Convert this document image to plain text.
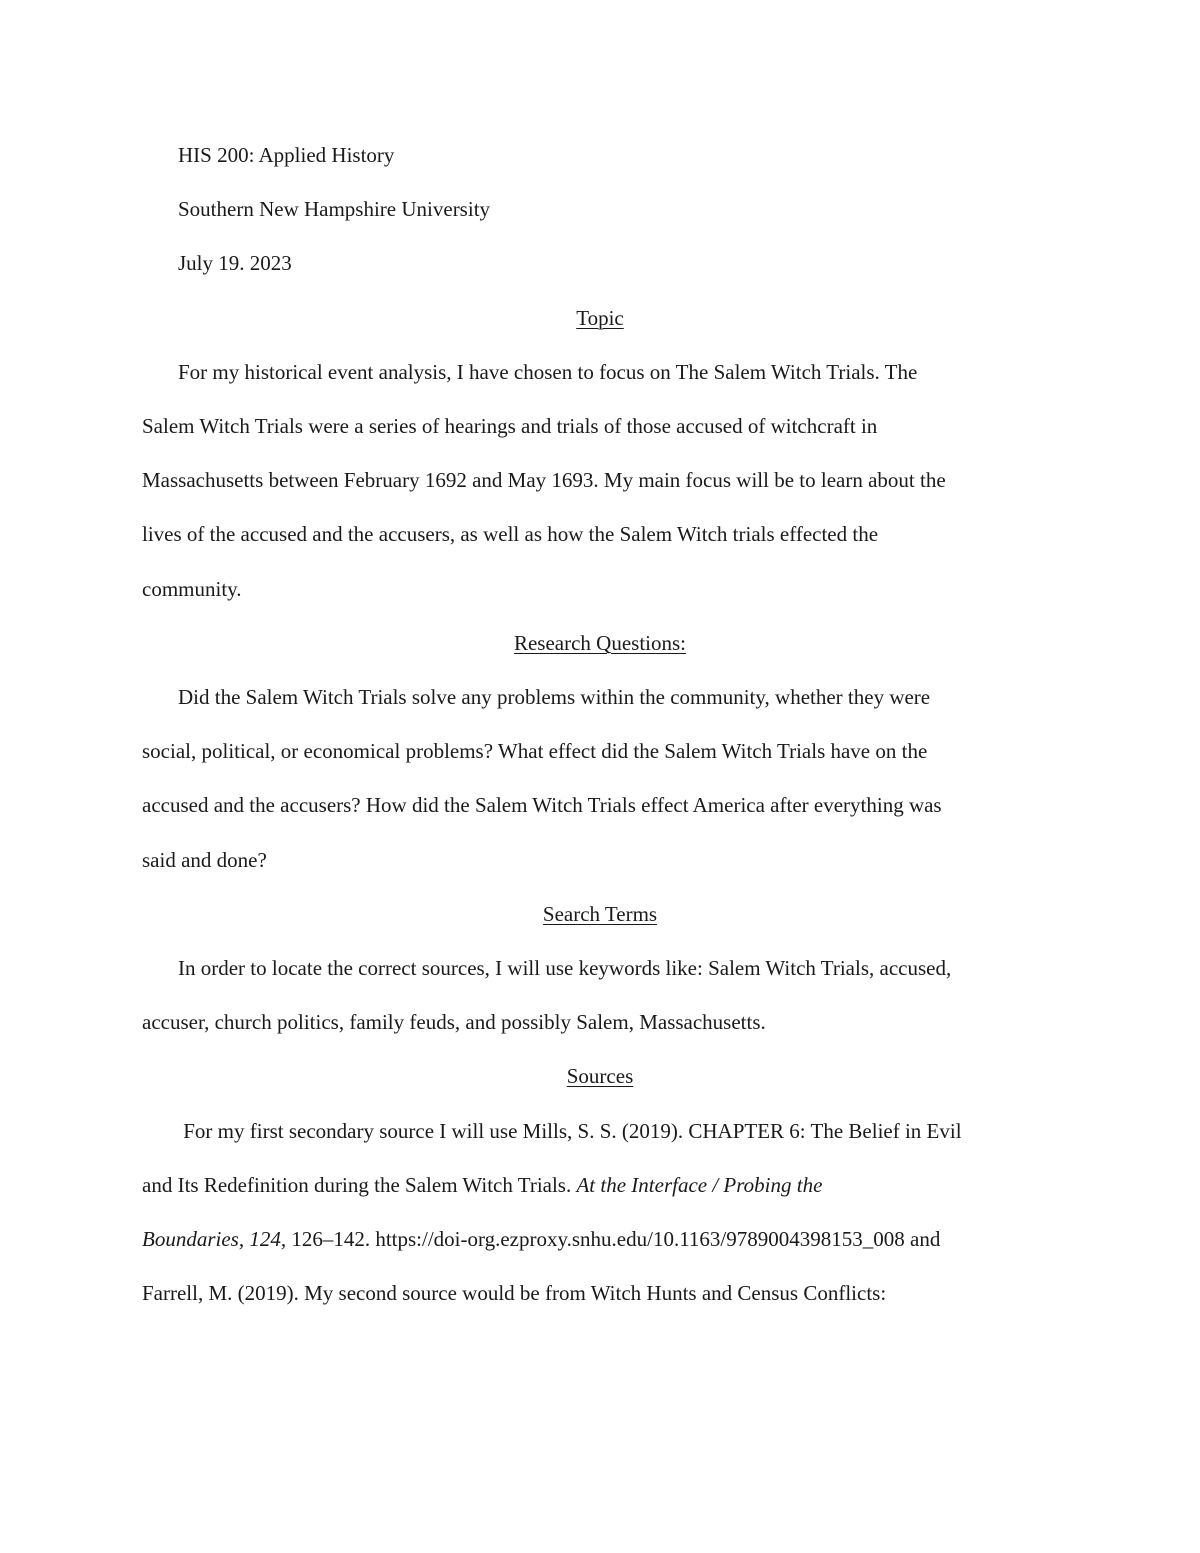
HIS 200: Applied History

Southern New Hampshire University

July 19. 2023

Topic

For my historical event analysis, I have chosen to focus on The Salem Witch Trials. The

Salem Witch Trials were a series of hearings and trials of those accused of witchcraft in

Massachusetts between February 1692 and May 1693. My main focus will be to learn about the

lives of the accused and the accusers, as well as how the Salem Witch trials effected the

community.

Research Questions:

Did the Salem Witch Trials solve any problems within the community, whether they were

social, political, or economical problems? What effect did the Salem Witch Trials have on the

accused and the accusers? How did the Salem Witch Trials effect America after everything was

said and done?

Search Terms

In order to locate the correct sources, I will use keywords like: Salem Witch Trials, accused,

accuser, church politics, family feuds, and possibly Salem, Massachusetts.

Sources

For my first secondary source I will use Mills, S. S. (2019). CHAPTER 6: The Belief in Evil

and Its Redefinition during the Salem Witch Trials. At the Interface / Probing the

Boundaries, 124, 126–142. https://doi-org.ezproxy.snhu.edu/10.1163/9789004398153_008 and

Farrell, M. (2019). My second source would be from Witch Hunts and Census Conflicts:
